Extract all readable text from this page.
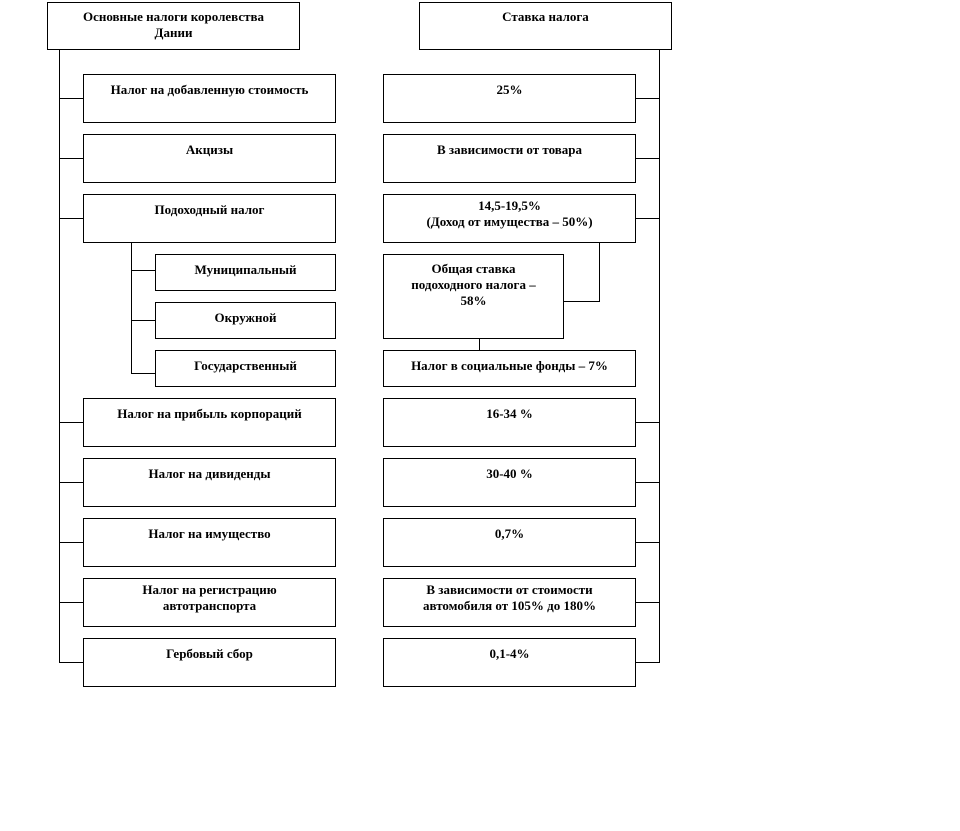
Основные налоги королевства
Дании
Ставка налога
Налог на добавленную стоимость
Акцизы
Подоходный налог
Муниципальный
Окружной
Государственный
Налог на прибыль корпораций
Налог на дивиденды
Налог на имущество
Налог на регистрацию
автотранспорта
Гербовый сбор
25%
В зависимости от товара
14,5-19,5%
(Доход от имущества – 50%)
Общая ставка
подоходного налога –
58%
Налог в социальные фонды – 7%
16-34 %
30-40 %
0,7%
В зависимости от стоимости
автомобиля от 105% до 180%
0,1-4%
